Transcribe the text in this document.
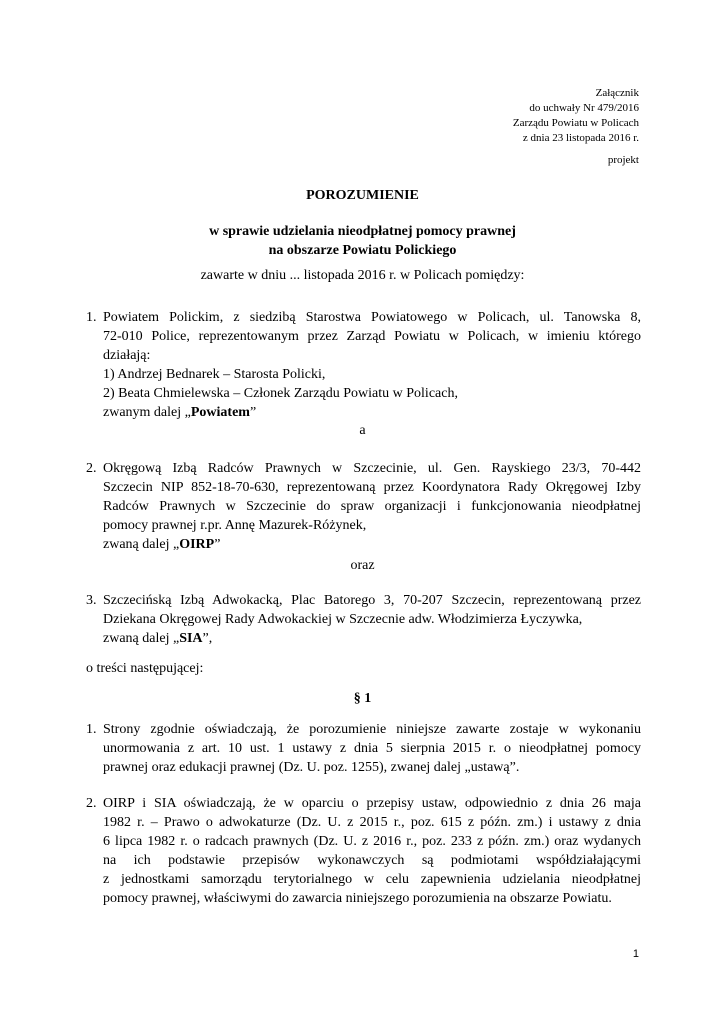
Załącznik
do uchwały Nr 479/2016
Zarządu Powiatu w Policach
z dnia 23 listopada 2016 r.
projekt
POROZUMIENIE
w sprawie udzielania nieodpłatnej pomocy prawnej
na obszarze Powiatu Polickiego
zawarte w dniu ... listopada 2016 r. w Policach pomiędzy:
1. Powiatem Polickim, z siedzibą Starostwa Powiatowego w Policach, ul. Tanowska 8,
72-010 Police, reprezentowanym przez Zarząd Powiatu w Policach, w imieniu którego
działają:
1) Andrzej Bednarek – Starosta Policki,
2) Beata Chmielewska – Członek Zarządu Powiatu w Policach,
zwanym dalej „Powiatem”
a
2. Okręgową Izbą Radców Prawnych w Szczecinie, ul. Gen. Rayskiego 23/3, 70-442
Szczecin NIP 852-18-70-630, reprezentowaną przez Koordynatora Rady Okręgowej Izby
Radców Prawnych w Szczecinie do spraw organizacji i funkcjonowania nieodpłatnej
pomocy prawnej r.pr. Annę Mazurek-Różynek,
zwaną dalej „OIRP”
oraz
3. Szczecińską Izbą Adwokacką, Plac Batorego 3, 70-207 Szczecin, reprezentowaną przez
Dziekana Okręgowej Rady Adwokackiej w Szczecnie adw. Włodzimierza Łyczywka,
zwaną dalej „SIA”,
o treści następującej:
§ 1
1. Strony zgodnie oświadczają, że porozumienie niniejsze zawarte zostaje w wykonaniu
unormowania z art. 10 ust. 1 ustawy z dnia 5 sierpnia 2015 r. o nieodpłatnej pomocy
prawnej oraz edukacji prawnej (Dz. U. poz. 1255), zwanej dalej „ustawą”.
2. OIRP i SIA oświadczają, że w oparciu o przepisy ustaw, odpowiednio z dnia 26 maja
1982 r. – Prawo o adwokaturze (Dz. U. z 2015 r., poz. 615 z późn. zm.) i ustawy z dnia
6 lipca 1982 r. o radcach prawnych (Dz. U. z 2016 r., poz. 233 z późn. zm.) oraz wydanych
na ich podstawie przepisów wykonawczych są podmiotami współdziałającymi
z jednostkami samorządu terytorialnego w celu zapewnienia udzielania nieodpłatnej
pomocy prawnej, właściwymi do zawarcia niniejszego porozumienia na obszarze Powiatu.
1
